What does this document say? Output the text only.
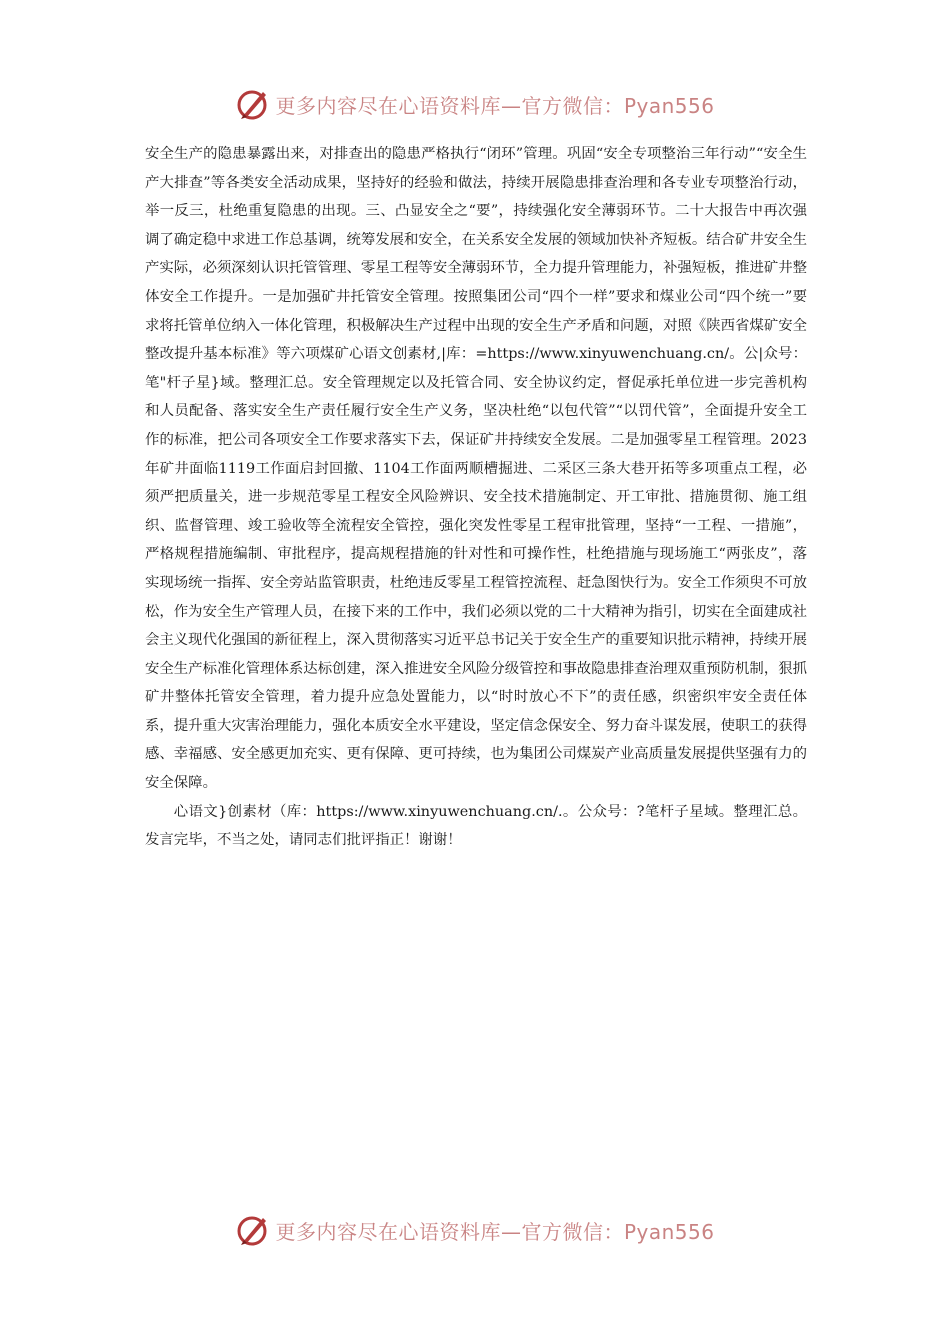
更多内容尽在心语资料库—官方微信：Pyan556

安全生产的隐患暴露出来，对排查出的隐患严格执行“闭环”管理。巩固“安全专项整治三年行动”“安全生产大排查”等各类安全活动成果，坚持好的经验和做法，持续开展隐患排查治理和各专业专项整治行动，举一反三，杜绝重复隐患的出现。三、凸显安全之“要”，持续强化安全薄弱环节。二十大报告中再次强调了确定稳中求进工作总基调，统筹发展和安全，在关系安全发展的领域加快补齐短板。结合矿井安全生产实际，必须深刻认识托管管理、零星工程等安全薄弱环节，全力提升管理能力，补强短板，推进矿井整体安全工作提升。一是加强矿井托管安全管理。按照集团公司“四个一样”要求和煤业公司“四个统一”要求将托管单位纳入一体化管理，积极解决生产过程中出现的安全生产矛盾和问题，对照《陕西省煤矿安全整改提升基本标准》等六项煤矿心语文创素材,|库：=https://www.xinyuwenchuang.cn/。公|众号：笔"杆子星}域。整理汇总。安全管理规定以及托管合同、安全协议约定，督促承托单位进一步完善机构和人员配备、落实安全生产责任履行安全生产义务，坚决杜绝“以包代管”“以罚代管”，全面提升安全工作的标准，把公司各项安全工作要求落实下去，保证矿井持续安全发展。二是加强零星工程管理。2023年矿井面临1119工作面启封回撤、1104工作面两顺槽掘进、二采区三条大巷开拓等多项重点工程，必须严把质量关，进一步规范零星工程安全风险辨识、安全技术措施制定、开工审批、措施贯彻、施工组织、监督管理、竣工验收等全流程安全管控，强化突发性零星工程审批管理，坚持“一工程、一措施”，严格规程措施编制、审批程序，提高规程措施的针对性和可操作性，杜绝措施与现场施工“两张皮”，落实现场统一指挥、安全旁站监管职责，杜绝违反零星工程管控流程、赶急图快行为。安全工作须臾不可放松，作为安全生产管理人员，在接下来的工作中，我们必须以党的二十大精神为指引，切实在全面建成社会主义现代化强国的新征程上，深入贯彻落实习近平总书记关于安全生产的重要知识批示精神，持续开展安全生产标准化管理体系达标创建，深入推进安全风险分级管控和事故隐患排查治理双重预防机制，狠抓矿井整体托管安全管理，着力提升应急处置能力，以“时时放心不下”的责任感，织密织牢安全责任体系，提升重大灾害治理能力，强化本质安全水平建设，坚定信念保安全、努力奋斗谋发展，使职工的获得感、幸福感、安全感更加充实、更有保障、更可持续，也为集团公司煤炭产业高质量发展提供坚强有力的安全保障。

心语文}创素材（库：https://www.xinyuwenchuang.cn/.。公众号：?笔杆子星域。整理汇总。发言完毕，不当之处，请同志们批评指正！谢谢！

更多内容尽在心语资料库—官方微信：Pyan556
